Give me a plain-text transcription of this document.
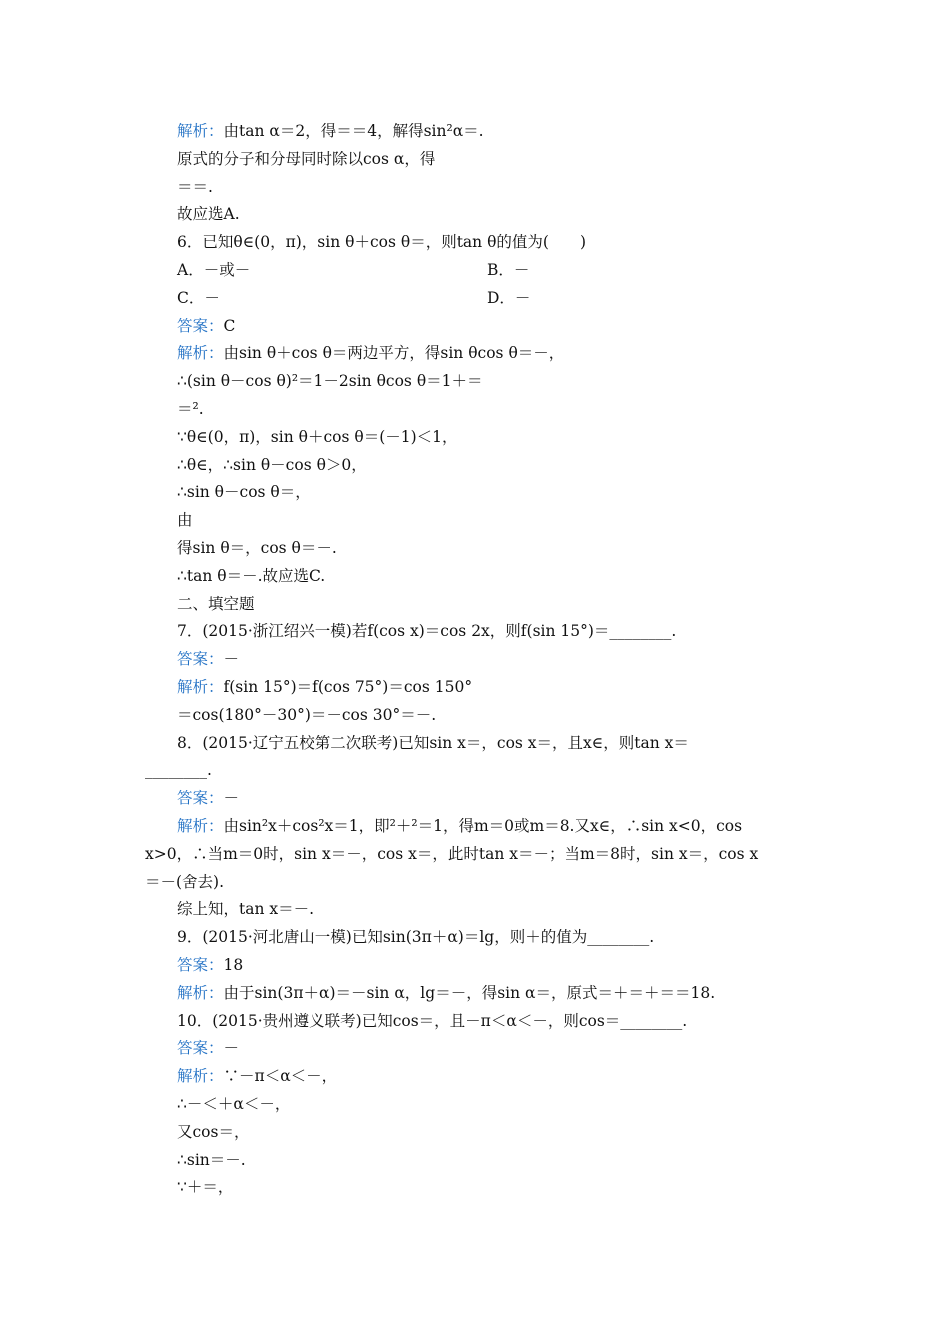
解析：由tan α＝2，得＝＝4，解得sin²α＝.
原式的分子和分母同时除以cos α，得
＝＝.
故应选A.
6．已知θ∈(0，π)，sin θ＋cos θ＝，则tan θ的值为(　　)
A．－或－	B．－
C．－	D．－
答案：C
解析：由sin θ＋cos θ＝两边平方，得sin θcos θ＝－，
∴(sin θ－cos θ)²＝1－2sin θcos θ＝1＋＝
＝².
∵θ∈(0，π)，sin θ＋cos θ＝(－1)＜1，
∴θ∈，∴sin θ－cos θ＞0，
∴sin θ－cos θ＝，
由
得sin θ＝，cos θ＝－.
∴tan θ＝－.故应选C.
二、填空题
7．(2015·浙江绍兴一模)若f(cos x)＝cos 2x，则f(sin 15°)＝________.
答案：－
解析：f(sin 15°)＝f(cos 75°)＝cos 150°
＝cos(180°－30°)＝－cos 30°＝－.
8．(2015·辽宁五校第二次联考)已知sin x＝，cos x＝，且x∈，则tan x＝
________.
答案：－
解析：由sin²x＋cos²x＝1，即²＋²＝1，得m＝0或m＝8.又x∈，∴sin x<0，cos
x>0，∴当m＝0时，sin x＝－，cos x＝，此时tan x＝－；当m＝8时，sin x＝，cos x
＝－(舍去).
综上知，tan x＝－.
9．(2015·河北唐山一模)已知sin(3π＋α)＝lg，则＋的值为________.
答案：18
解析：由于sin(3π＋α)＝－sin α，lg＝－，得sin α＝，原式＝＋＝＋＝＝18.
10．(2015·贵州遵义联考)已知cos＝，且－π＜α＜－，则cos＝________.
答案：－
解析：∵－π＜α＜－，
∴－＜＋α＜－，
又cos＝，
∴sin＝－.
∵＋＝，
